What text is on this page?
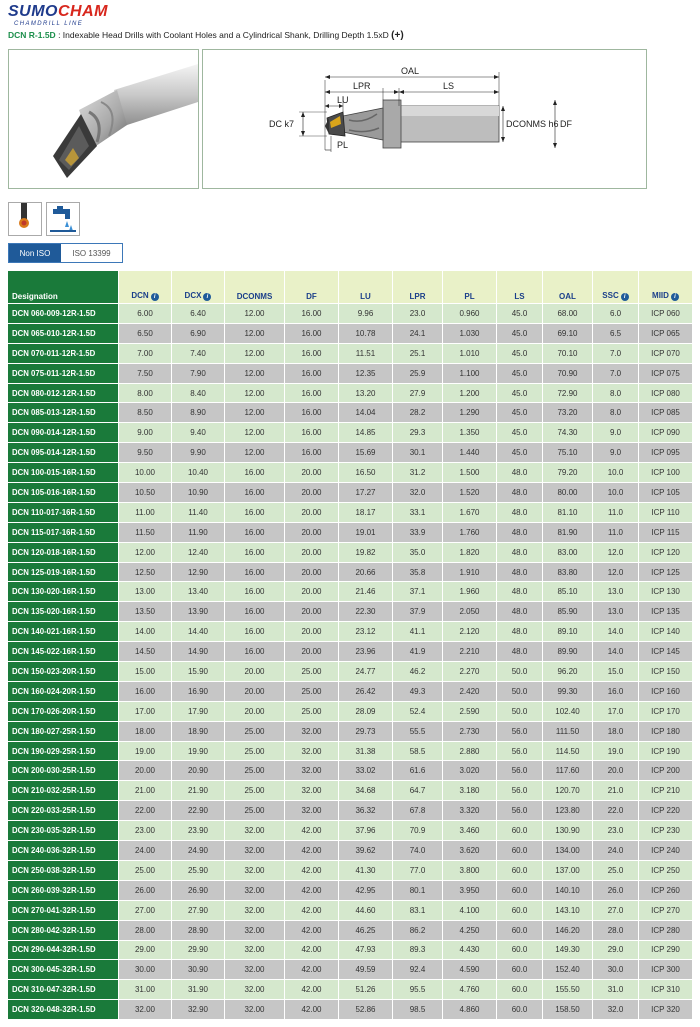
SUMOCHAM
CHAMDRILL LINE
DCN R-1.5D : Indexable Head Drills with Coolant Holes and a Cylindrical Shank, Drilling Depth 1.5xD (+)
OAL
LPR	LS
LU
DC k7
PL
DCONMS h6 DF
Non ISO	ISO 13399
Designation	DCN i	DCX i	DCONMS	DF	LU	LPR	PL	LS	OAL	SSC i	MIID i
DCN 060-009-12R-1.5D	6.00	6.40	12.00	16.00	9.96	23.0	0.960	45.0	68.00	6.0	ICP 060
DCN 065-010-12R-1.5D	6.50	6.90	12.00	16.00	10.78	24.1	1.030	45.0	69.10	6.5	ICP 065
DCN 070-011-12R-1.5D	7.00	7.40	12.00	16.00	11.51	25.1	1.010	45.0	70.10	7.0	ICP 070
DCN 075-011-12R-1.5D	7.50	7.90	12.00	16.00	12.35	25.9	1.100	45.0	70.90	7.0	ICP 075
DCN 080-012-12R-1.5D	8.00	8.40	12.00	16.00	13.20	27.9	1.200	45.0	72.90	8.0	ICP 080
DCN 085-013-12R-1.5D	8.50	8.90	12.00	16.00	14.04	28.2	1.290	45.0	73.20	8.0	ICP 085
DCN 090-014-12R-1.5D	9.00	9.40	12.00	16.00	14.85	29.3	1.350	45.0	74.30	9.0	ICP 090
DCN 095-014-12R-1.5D	9.50	9.90	12.00	16.00	15.69	30.1	1.440	45.0	75.10	9.0	ICP 095
DCN 100-015-16R-1.5D	10.00	10.40	16.00	20.00	16.50	31.2	1.500	48.0	79.20	10.0	ICP 100
DCN 105-016-16R-1.5D	10.50	10.90	16.00	20.00	17.27	32.0	1.520	48.0	80.00	10.0	ICP 105
DCN 110-017-16R-1.5D	11.00	11.40	16.00	20.00	18.17	33.1	1.670	48.0	81.10	11.0	ICP 110
DCN 115-017-16R-1.5D	11.50	11.90	16.00	20.00	19.01	33.9	1.760	48.0	81.90	11.0	ICP 115
DCN 120-018-16R-1.5D	12.00	12.40	16.00	20.00	19.82	35.0	1.820	48.0	83.00	12.0	ICP 120
DCN 125-019-16R-1.5D	12.50	12.90	16.00	20.00	20.66	35.8	1.910	48.0	83.80	12.0	ICP 125
DCN 130-020-16R-1.5D	13.00	13.40	16.00	20.00	21.46	37.1	1.960	48.0	85.10	13.0	ICP 130
DCN 135-020-16R-1.5D	13.50	13.90	16.00	20.00	22.30	37.9	2.050	48.0	85.90	13.0	ICP 135
DCN 140-021-16R-1.5D	14.00	14.40	16.00	20.00	23.12	41.1	2.120	48.0	89.10	14.0	ICP 140
DCN 145-022-16R-1.5D	14.50	14.90	16.00	20.00	23.96	41.9	2.210	48.0	89.90	14.0	ICP 145
DCN 150-023-20R-1.5D	15.00	15.90	20.00	25.00	24.77	46.2	2.270	50.0	96.20	15.0	ICP 150
DCN 160-024-20R-1.5D	16.00	16.90	20.00	25.00	26.42	49.3	2.420	50.0	99.30	16.0	ICP 160
DCN 170-026-20R-1.5D	17.00	17.90	20.00	25.00	28.09	52.4	2.590	50.0	102.40	17.0	ICP 170
DCN 180-027-25R-1.5D	18.00	18.90	25.00	32.00	29.73	55.5	2.730	56.0	111.50	18.0	ICP 180
DCN 190-029-25R-1.5D	19.00	19.90	25.00	32.00	31.38	58.5	2.880	56.0	114.50	19.0	ICP 190
DCN 200-030-25R-1.5D	20.00	20.90	25.00	32.00	33.02	61.6	3.020	56.0	117.60	20.0	ICP 200
DCN 210-032-25R-1.5D	21.00	21.90	25.00	32.00	34.68	64.7	3.180	56.0	120.70	21.0	ICP 210
DCN 220-033-25R-1.5D	22.00	22.90	25.00	32.00	36.32	67.8	3.320	56.0	123.80	22.0	ICP 220
DCN 230-035-32R-1.5D	23.00	23.90	32.00	42.00	37.96	70.9	3.460	60.0	130.90	23.0	ICP 230
DCN 240-036-32R-1.5D	24.00	24.90	32.00	42.00	39.62	74.0	3.620	60.0	134.00	24.0	ICP 240
DCN 250-038-32R-1.5D	25.00	25.90	32.00	42.00	41.30	77.0	3.800	60.0	137.00	25.0	ICP 250
DCN 260-039-32R-1.5D	26.00	26.90	32.00	42.00	42.95	80.1	3.950	60.0	140.10	26.0	ICP 260
DCN 270-041-32R-1.5D	27.00	27.90	32.00	42.00	44.60	83.1	4.100	60.0	143.10	27.0	ICP 270
DCN 280-042-32R-1.5D	28.00	28.90	32.00	42.00	46.25	86.2	4.250	60.0	146.20	28.0	ICP 280
DCN 290-044-32R-1.5D	29.00	29.90	32.00	42.00	47.93	89.3	4.430	60.0	149.30	29.0	ICP 290
DCN 300-045-32R-1.5D	30.00	30.90	32.00	42.00	49.59	92.4	4.590	60.0	152.40	30.0	ICP 300
DCN 310-047-32R-1.5D	31.00	31.90	32.00	42.00	51.26	95.5	4.760	60.0	155.50	31.0	ICP 310
DCN 320-048-32R-1.5D	32.00	32.90	32.00	42.00	52.86	98.5	4.860	60.0	158.50	32.0	ICP 320
